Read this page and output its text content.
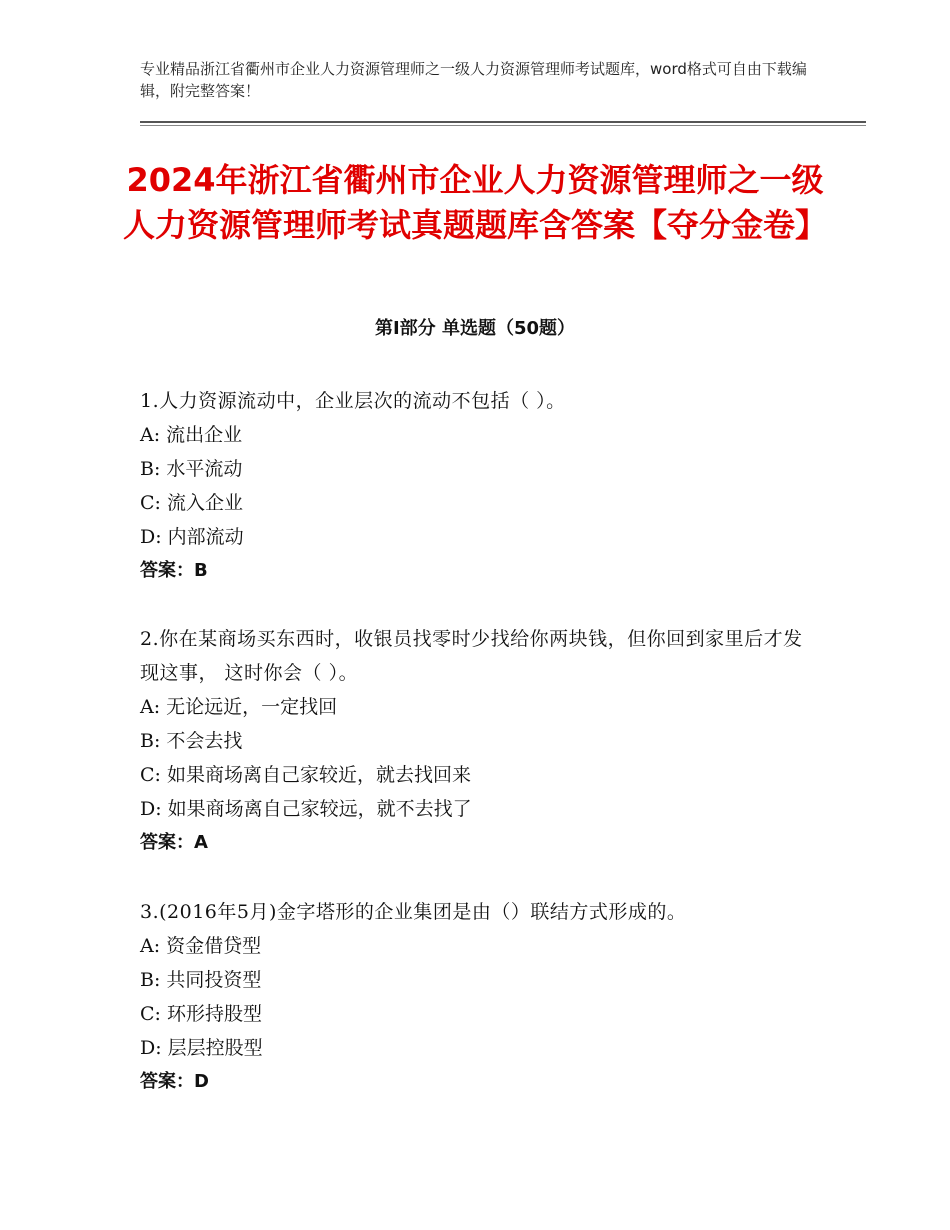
专业精品浙江省衢州市企业人力资源管理师之一级人力资源管理师考试题库，word格式可自由下载编辑，附完整答案！
2024年浙江省衢州市企业人力资源管理师之一级人力资源管理师考试真题题库含答案【夺分金卷】
第Ⅰ部分 单选题（50题）

1.人力资源流动中，企业层次的流动不包括（ ）。

A: 流出企业

B: 水平流动

C: 流入企业

D: 内部流动

答案：B

2.你在某商场买东西时，收银员找零时少找给你两块钱，但你回到家里后才发现这事， 这时你会（ ）。

A: 无论远近，一定找回

B: 不会去找

C: 如果商场离自己家较近，就去找回来

D: 如果商场离自己家较远，就不去找了

答案：A

3.(2016年5月)金字塔形的企业集团是由（）联结方式形成的。

A: 资金借贷型

B: 共同投资型

C: 环形持股型

D: 层层控股型

答案：D
